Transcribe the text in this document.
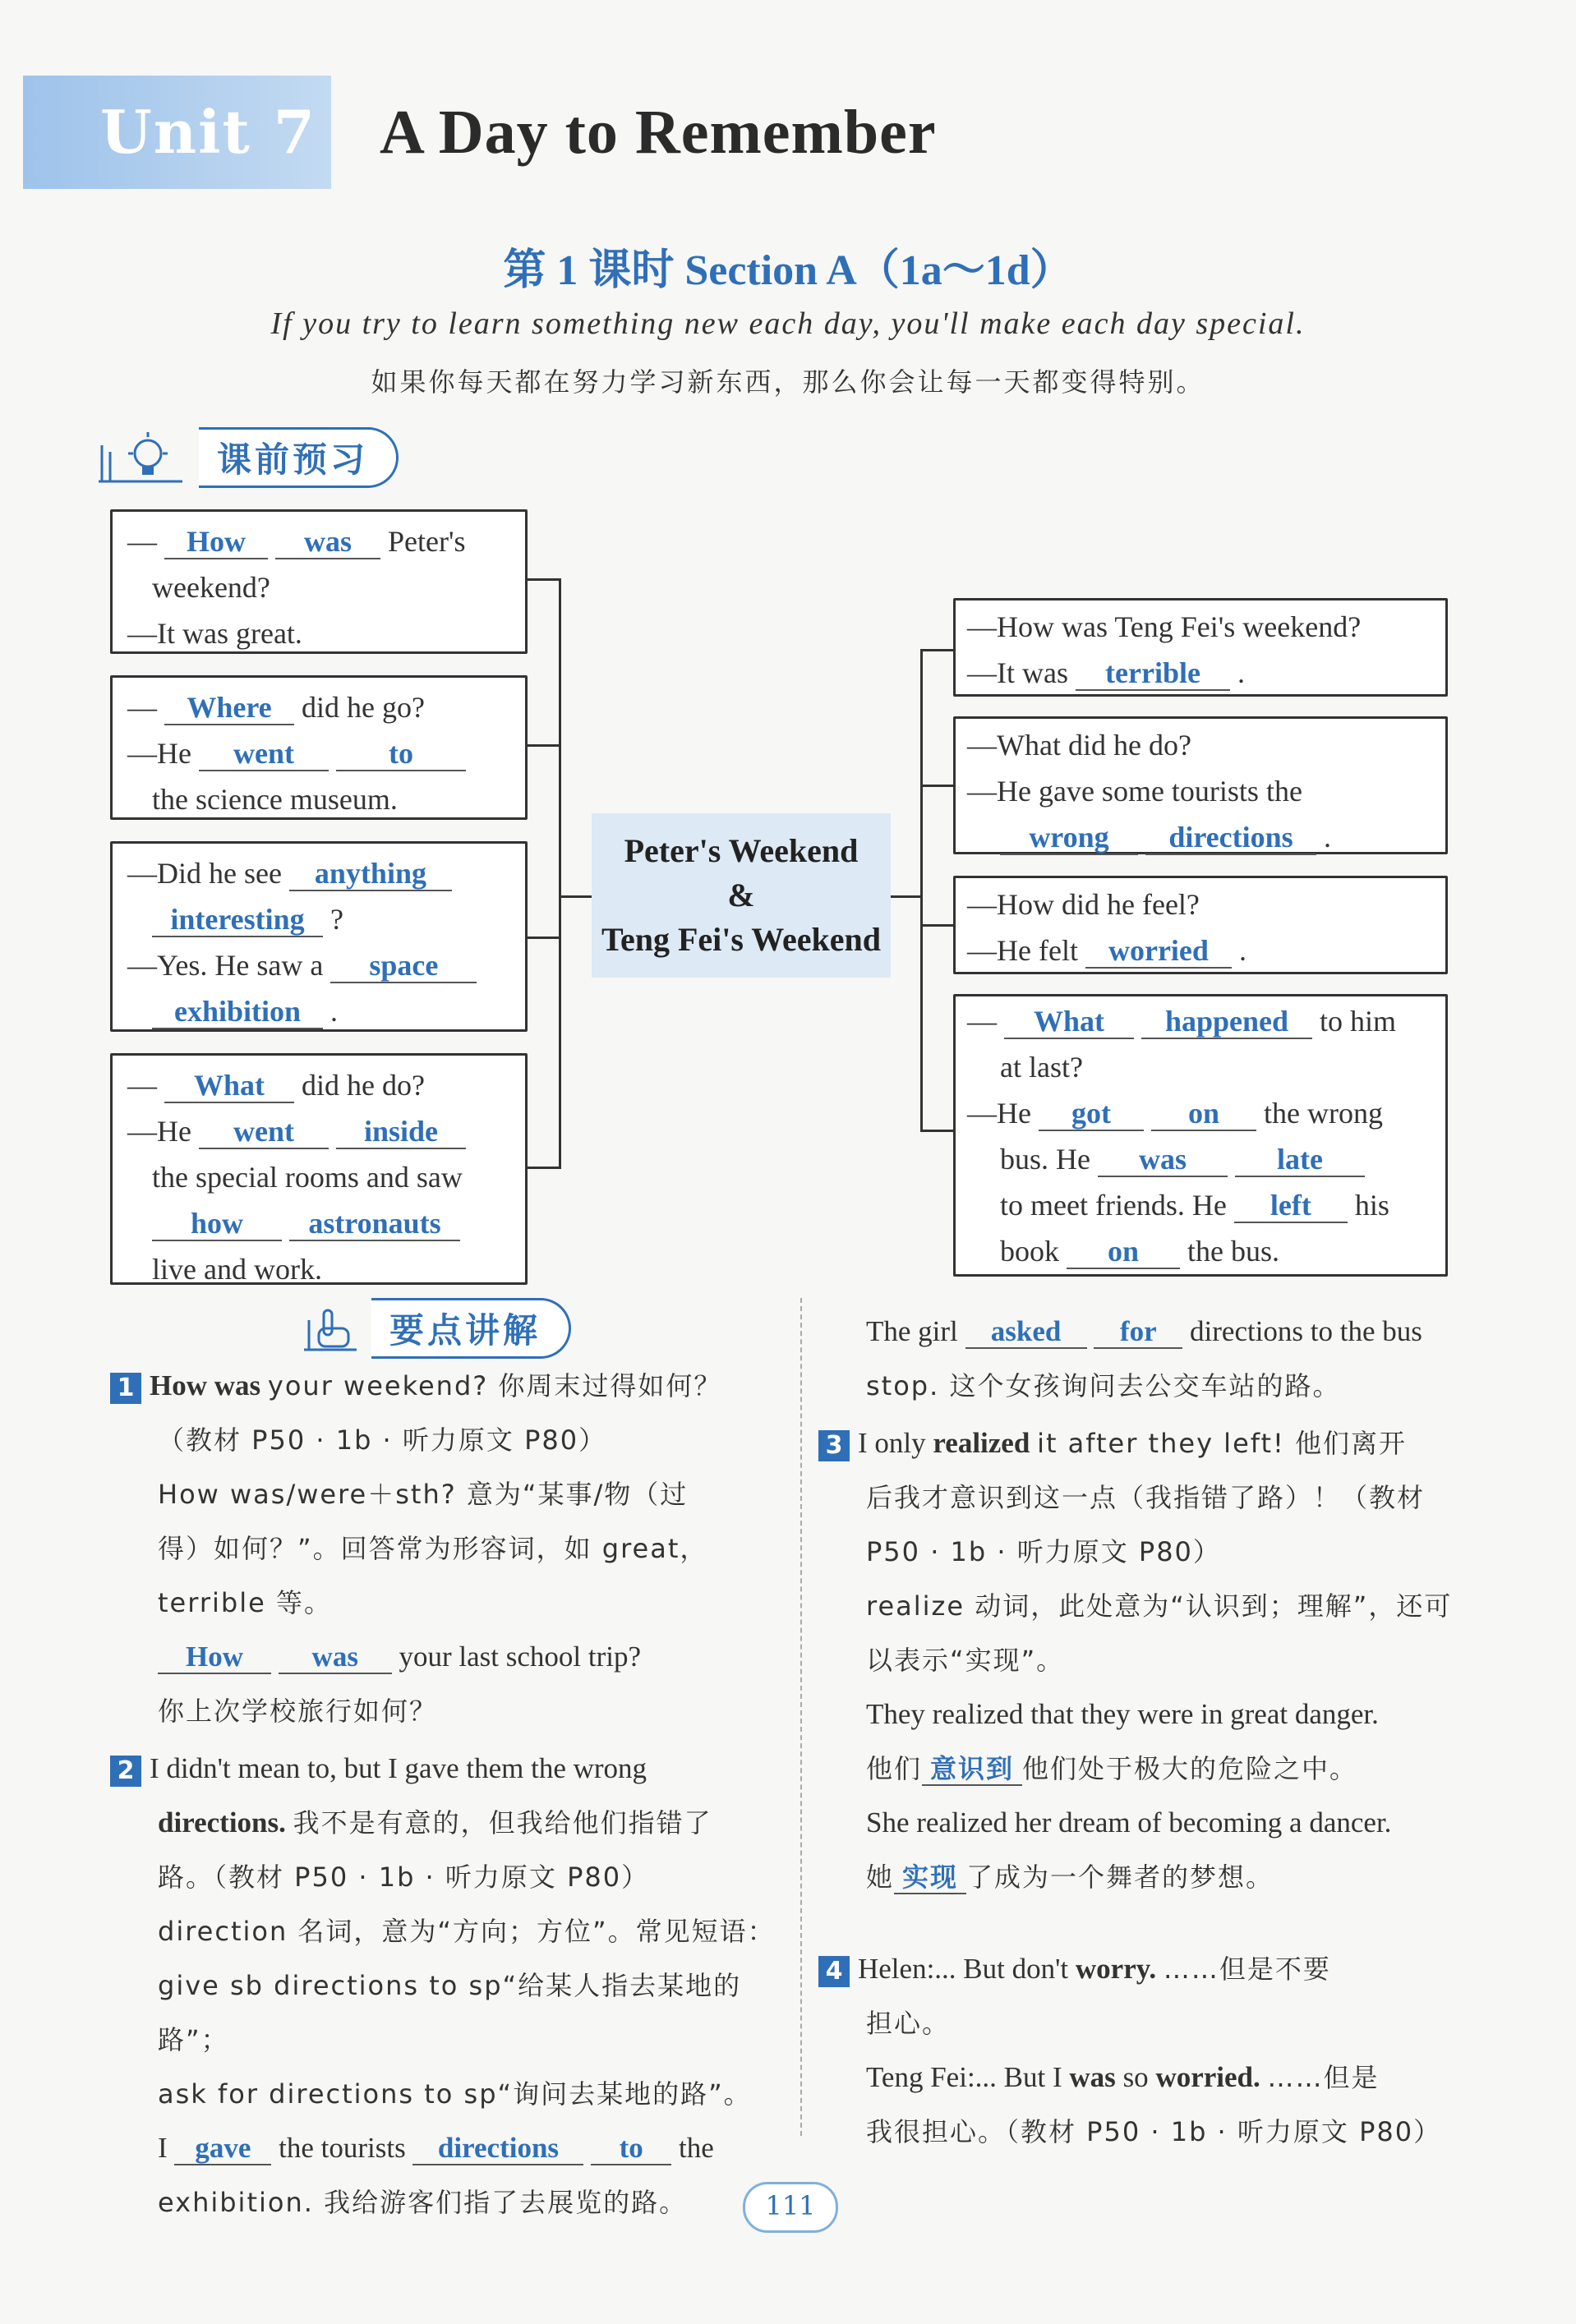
Unit 7 A Day to Remember
第 1 课时 Section A（1a～1d）
If you try to learn something new each day, you'll make each day special.
如果你每天都在努力学习新东西，那么你会让每一天都变得特别。
课前预习
— How was Peter's
weekend?
—It was great.
— Where did he go?
—He went	to
the science museum.
—Did he see anything
interesting ?
—Yes. He saw a space
exhibition .
— What did he do?
—He went inside
the special rooms and saw
how astronauts
live and work.
Peter's Weekend
&
Teng Fei's Weekend
—How was Teng Fei's weekend?
—It was terrible .
—What did he do?
—He gave some tourists the
wrong directions .
—How did he feel?
—He felt worried .
— What happened to him
at last?
—He got	on the wrong
bus. He was	late
to meet friends. He left his
book on the bus.
要点讲解
1 How was your weekend? 你周末过得如何？
（教材 P50 · 1b · 听力原文 P80）
How was/were＋sth? 意为“某事/物（过
得）如何？”。回答常为形容词，如 great，
terrible 等。
How was your last school trip?
你上次学校旅行如何？
2 I didn't mean to, but I gave them the wrong
directions. 我不是有意的，但我给他们指错了
路。（教材 P50 · 1b · 听力原文 P80）
direction 名词，意为“方向；方位”。常见短语：
give sb directions to sp“给某人指去某地的路”；
ask for directions to sp“询问去某地的路”。
I gave the tourists directions to the
exhibition. 我给游客们指了去展览的路。
The girl asked for directions to the bus
stop. 这个女孩询问去公交车站的路。
3 I only realized it after they left! 他们离开
后我才意识到这一点（我指错了路）！（教材
P50 · 1b · 听力原文 P80）
realize 动词，此处意为“认识到；理解”，还可
以表示“实现”。
They realized that they were in great danger.
他们 意识到 他们处于极大的危险之中。
She realized her dream of becoming a dancer.
她 实现 了成为一个舞者的梦想。
4 Helen:... But don't worry. ……但是不要
担心。
Teng Fei:... But I was so worried. ……但是
我很担心。（教材 P50 · 1b · 听力原文 P80）
111
